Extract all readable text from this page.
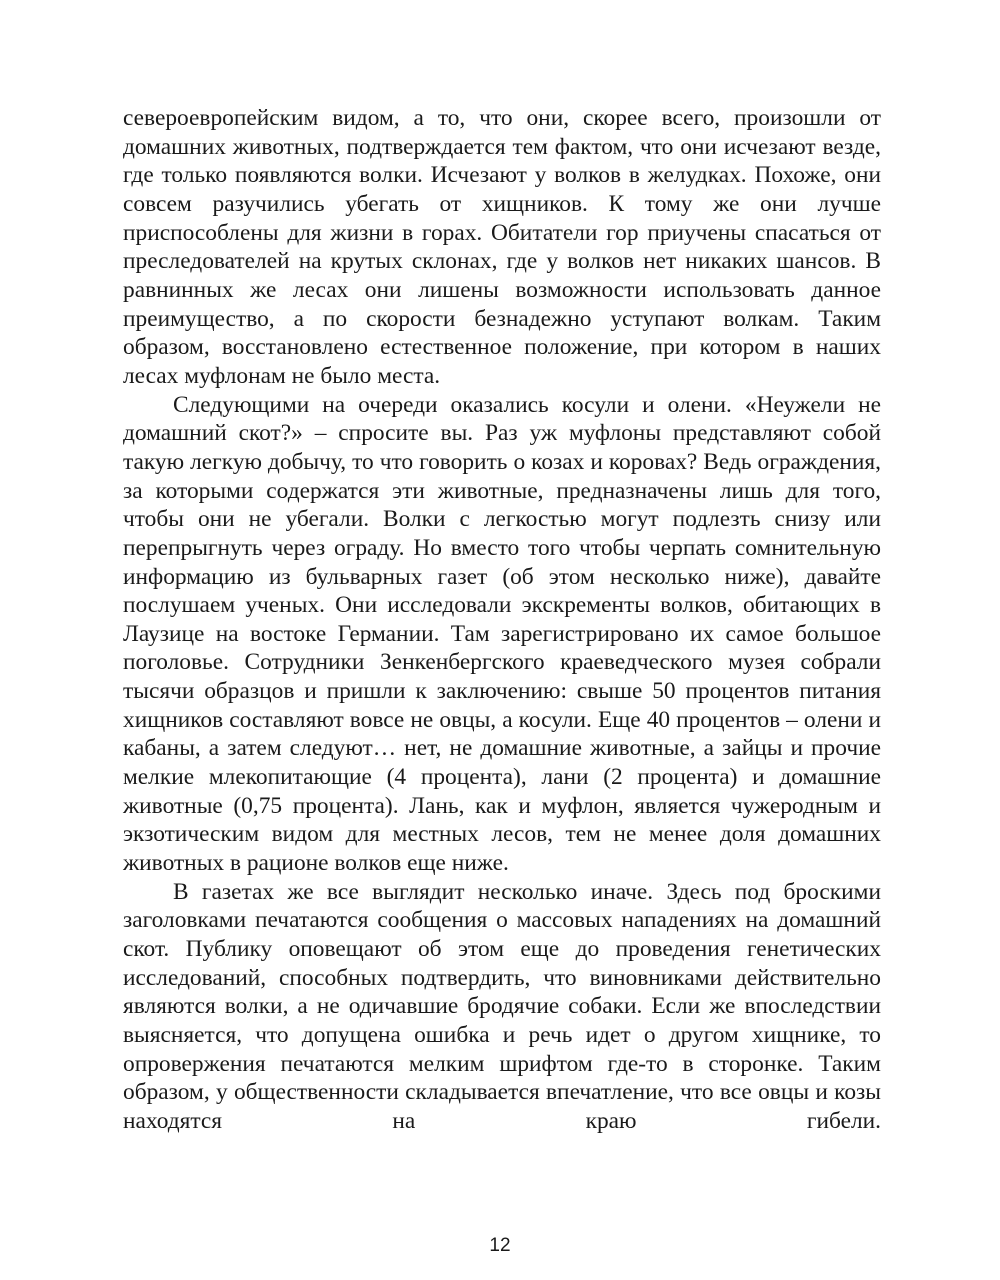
североевропейским видом, а то, что они, скорее всего, произошли от домашних животных, подтверждается тем фактом, что они исчезают везде, где только появляются волки. Исчезают у волков в желудках. Похоже, они совсем разучились убегать от хищников. К тому же они лучше приспособлены для жизни в горах. Обитатели гор приучены спасаться от преследователей на крутых склонах, где у волков нет никаких шансов. В равнинных же лесах они лишены возможности использовать данное преимущество, а по скорости безнадежно уступают волкам. Таким образом, восстановлено естественное положение, при котором в наших лесах муфлонам не было места.

Следующими на очереди оказались косули и олени. «Неужели не домашний скот?» – спросите вы. Раз уж муфлоны представляют собой такую легкую добычу, то что говорить о козах и коровах? Ведь ограждения, за которыми содержатся эти животные, предназначены лишь для того, чтобы они не убегали. Волки с легкостью могут подлезть снизу или перепрыгнуть через ограду. Но вместо того чтобы черпать сомнительную информацию из бульварных газет (об этом несколько ниже), давайте послушаем ученых. Они исследовали экскременты волков, обитающих в Лаузице на востоке Германии. Там зарегистрировано их самое большое поголовье. Сотрудники Зенкенбергского краеведческого музея собрали тысячи образцов и пришли к заключению: свыше 50 процентов питания хищников составляют вовсе не овцы, а косули. Еще 40 процентов – олени и кабаны, а затем следуют… нет, не домашние животные, а зайцы и прочие мелкие млекопитающие (4 процента), лани (2 процента) и домашние животные (0,75 процента). Лань, как и муфлон, является чужеродным и экзотическим видом для местных лесов, тем не менее доля домашних животных в рационе волков еще ниже.

В газетах же все выглядит несколько иначе. Здесь под броскими заголовками печатаются сообщения о массовых нападениях на домашний скот. Публику оповещают об этом еще до проведения генетических исследований, способных подтвердить, что виновниками действительно являются волки, а не одичавшие бродячие собаки. Если же впоследствии выясняется, что допущена ошибка и речь идет о другом хищнике, то опровержения печатаются мелким шрифтом где-то в сторонке. Таким образом, у общественности складывается впечатление, что все овцы и козы находятся на краю гибели.

12
